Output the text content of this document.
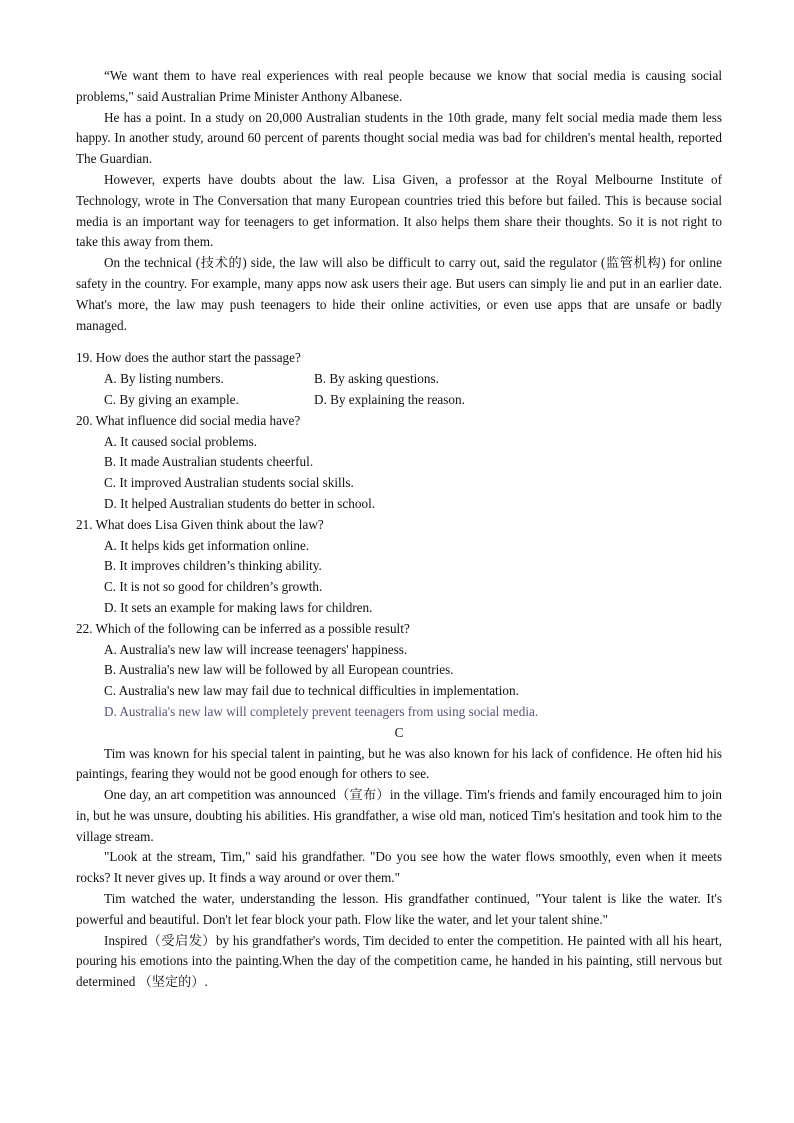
“We want them to have real experiences with real people because we know that social media is causing social problems," said Australian Prime Minister Anthony Albanese.

He has a point. In a study on 20,000 Australian students in the 10th grade, many felt social media made them less happy. In another study, around 60 percent of parents thought social media was bad for children's mental health, reported The Guardian.

However, experts have doubts about the law. Lisa Given, a professor at the Royal Melbourne Institute of Technology, wrote in The Conversation that many European countries tried this before but failed. This is because social media is an important way for teenagers to get information. It also helps them share their thoughts. So it is not right to take this away from them.

On the technical (技术的) side, the law will also be difficult to carry out, said the regulator (监管机构) for online safety in the country. For example, many apps now ask users their age. But users can simply lie and put in an earlier date. What's more, the law may push teenagers to hide their online activities, or even use apps that are unsafe or badly managed.

19. How does the author start the passage?

A. By listing numbers.	B. By asking questions.
C. By giving an example.	D. By explaining the reason.

20. What influence did social media have?

A. It caused social problems.
B. It made Australian students cheerful.
C. It improved Australian students social skills.
D. It helped Australian students do better in school.

21. What does Lisa Given think about the law?

A. It helps kids get information online.
B. It improves children’s thinking ability.
C. It is not so good for children’s growth.
D. It sets an example for making laws for children.

22. Which of the following can be inferred as a possible result?

A. Australia's new law will increase teenagers' happiness.
B. Australia's new law will be followed by all European countries.
C. Australia's new law may fail due to technical difficulties in implementation.
D. Australia's new law will completely prevent teenagers from using social media.

C

Tim was known for his special talent in painting, but he was also known for his lack of confidence. He often hid his paintings, fearing they would not be good enough for others to see.

One day, an art competition was announced（宣布）in the village. Tim's friends and family encouraged him to join in, but he was unsure, doubting his abilities. His grandfather, a wise old man, noticed Tim's hesitation and took him to the village stream.

"Look at the stream, Tim," said his grandfather. "Do you see how the water flows smoothly, even when it meets rocks? It never gives up. It finds a way around or over them."

Tim watched the water, understanding the lesson. His grandfather continued, "Your talent is like the water. It's powerful and beautiful. Don't let fear block your path. Flow like the water, and let your talent shine."

Inspired（受启发）by his grandfather's words, Tim decided to enter the competition. He painted with all his heart, pouring his emotions into the painting.When the day of the competition came, he handed in his painting, still nervous but determined （坚定的）.
